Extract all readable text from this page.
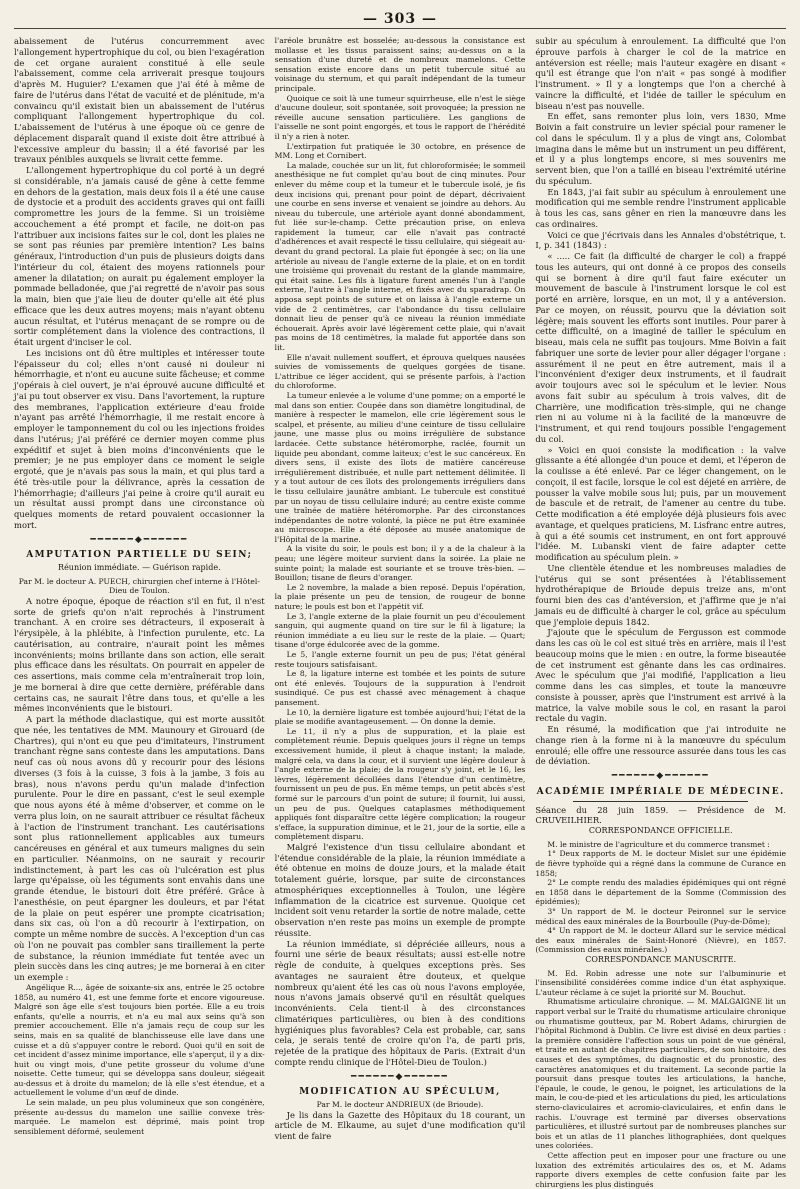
— 303 —

abaissement de l'utérus concurremment avec l'allongement hypertrophique du col, ou bien l'exagération de cet organe auraient constitué à elle seule l'abaissement, comme cela arriverait presque toujours d'après M. Huguier? L'examen que j'ai été à même de faire de l'utérus dans l'état de vacuité et de plénitude, m'a convaincu qu'il existait bien un abaissement de l'utérus compliquant l'allongement hypertrophique du col. L'abaissement de l'utérus à une époque où ce genre de déplacement disparaît quand il existe doit être attribué à l'excessive ampleur du bassin; il a été favorisé par les travaux pénibles auxquels se livrait cette femme.

L'allongement hypertrophique du col porté à un degré si considérable, n'a jamais causé de gêne à cette femme en dehors de la gestation, mais deux fois il a été une cause de dystocie et a produit des accidents graves qui ont failli compromettre les jours de la femme. Si un troisième accouchement a été prompt et facile, ne doit-on pas l'attribuer aux incisions faites sur le col, dont les plaies ne se sont pas réunies par première intention? Les bains généraux, l'introduction d'un puis de plusieurs doigts dans l'intérieur du col, étaient des moyens rationnels pour amener la dilatation; on aurait pu également employer la pommade belladonée, que j'ai regretté de n'avoir pas sous la main, bien que j'aie lieu de douter qu'elle ait été plus efficace que les deux autres moyens; mais n'ayant obtenu aucun résultat, et l'utérus menaçant de se rompre ou de sortir complétement dans la violence des contractions, il était urgent d'inciser le col.

Les incisions ont dû être multiples et intéresser toute l'épaisseur du col; elles n'ont causé ni douleur ni hémorrhagie, et n'ont eu aucune suite fâcheuse; et comme j'opérais à ciel ouvert, je n'ai éprouvé aucune difficulté et j'ai pu tout observer ex visu. Dans l'avortement, la rupture des membranes, l'application extérieure d'eau froide n'ayant pas arrêté l'hémorrhagie, il me restait encore à employer le tamponnement du col ou les injections froides dans l'utérus; j'ai préféré ce dernier moyen comme plus expéditif et sujet à bien moins d'inconvénients que le premier; je ne pus employer dans ce moment le seigle ergoté, que je n'avais pas sous la main, et qui plus tard a été très-utile pour la délivrance, après la cessation de l'hémorrhagie; d'ailleurs j'ai peine à croire qu'il aurait eu un résultat aussi prompt dans une circonstance où quelques moments de retard pouvaient occasionner la mort.

━━━━━━◆━━━━━━
AMPUTATION PARTIELLE DU SEIN;
Réunion immédiate. — Guérison rapide.

Par M. le docteur A. PUECH, chirurgien chef interne à l'Hôtel-Dieu de Toulon.

A notre époque, époque de réaction s'il en fut, il n'est sorte de griefs qu'on n'ait reprochés à l'instrument tranchant. A en croire ses détracteurs, il exposerait à l'érysipèle, à la phlébite, à l'infection purulente, etc. La cautérisation, au contraire, n'aurait point les mêmes inconvénients; moins brillante dans son action, elle serait plus efficace dans les résultats. On pourrait en appeler de ces assertions, mais comme cela m'entraînerait trop loin, je me bornerai à dire que cette dernière, préférable dans certains cas, ne saurait l'être dans tous, et qu'elle a les mêmes inconvénients que le bistouri.

A part la méthode diaclastique, qui est morte aussitôt que née, les tentatives de MM. Maunoury et Girouard (de Chartres), qui n'ont eu que peu d'imitateurs, l'instrument tranchant règne sans conteste dans les amputations. Dans neuf cas où nous avons dû y recourir pour des lésions diverses (3 fois à la cuisse, 3 fois à la jambe, 3 fois au bras), nous n'avons perdu qu'un malade d'infection purulente. Pour le dire en passant, c'est le seul exemple que nous ayons été à même d'observer, et comme on le verra plus loin, on ne saurait attribuer ce résultat fâcheux à l'action de l'instrument tranchant. Les cautérisations sont plus rationnellement applicables aux tumeurs cancéreuses en général et aux tumeurs malignes du sein en particulier. Néanmoins, on ne saurait y recourir indistinctement, à part les cas où l'ulcération est plus large qu'épaisse, où les téguments sont envahis dans une grande étendue, le bistouri doit être préféré. Grâce à l'anesthésie, on peut épargner les douleurs, et par l'état de la plaie on peut espérer une prompte cicatrisation; dans six cas, où l'on a dû recourir à l'extirpation, on compte un même nombre de succès. A l'exception d'un cas où l'on ne pouvait pas combler sans tiraillement la perte de substance, la réunion immédiate fut tentée avec un plein succès dans les cinq autres; je me bornerai à en citer un exemple :

Angélique R..., âgée de soixante-six ans, entrée le 25 octobre 1858, au numéro 41, est une femme forte et encore vigoureuse. Malgré son âge elle s'est toujours bien portée. Elle a eu trois enfants, qu'elle a nourris, et n'a eu mal aux seins qu'à son premier accouchement. Elle n'a jamais reçu de coup sur les seins, mais en sa qualité de blanchisseuse elle lave dans une cuisse et a dû s'appuyer contre le rebord. Quoi qu'il en soit de cet incident d'assez minime importance, elle s'aperçut, il y a dix-huit ou vingt mois, d'une petite grosseur du volume d'une noisette. Cette tumeur, qui se développa sans douleur, siégeait au-dessus et à droite du mamelon; de là elle s'est étendue, et a actuellement le volume d'un œuf de dinde.

Le sein malade, un peu plus volumineux que son congénère, présente au-dessus du mamelon une saillie convexe très-marquée. Le mamelon est déprimé, mais point trop sensiblement déformé, seulement

l'aréole brunâtre est bosselée; au-dessous la consistance est mollasse et les tissus paraissent sains; au-dessus on a la sensation d'une dureté et de nombreux mamelons. Cette sensation existe encore dans un petit tubercule situé au voisinage du sternum, et qui paraît indépendant de la tumeur principale.

Quoique ce soit là une tumeur squirrheuse, elle n'est le siège d'aucune douleur, soit spontanée, soit provoquée; la pression ne réveille aucune sensation particulière. Les ganglions de l'aisselle ne sont point engorgés, et tous le rapport de l'hérédité il n'y a rien à noter.

L'extirpation fut pratiquée le 30 octobre, en présence de MM. Long et Cornibert.

La malade, couchée sur un lit, fut chloroformisée; le sommeil anesthésique ne fut complet qu'au bout de cinq minutes. Pour enlever du même coup et la tumeur et le tubercule isolé, je fis deux incisions qui, prenant pour point de départ, décrivaient une courbe en sens inverse et venaient se joindre au dehors. Au niveau du tubercule, une artériole ayant donné abondamment, fut liée sur-le-champ. Cette précaution prise, on enleva rapidement la tumeur, car elle n'avait pas contracté d'adhérences et avait respecté le tissu cellulaire, qui siégeait au-devant du grand pectoral. La plaie fut épongée à sec; on lia une artériole au niveau de l'angle externe de la plaie, et on en tordit une troisième qui provenait du restant de la glande mammaire, qui était saine. Les fils à ligature furent amenés l'un à l'angle externe, l'autre à l'angle interne, et fixés avec du sparadrap. On apposa sept points de suture et on laissa à l'angle externe un vide de 2 centimètres, car l'abondance du tissu cellulaire donnait lieu de penser qu'à ce niveau la réunion immédiate échouerait. Après avoir lavé légèrement cette plaie, qui n'avait pas moins de 18 centimètres, la malade fut apportée dans son lit.

Elle n'avait nullement souffert, et éprouva quelques nausées suivies de vomissements de quelques gorgées de tisane. L'attribue ce léger accident, qui se présente parfois, à l'action du chloroforme.

La tumeur enlevée a le volume d'une pomme; on a emporté le mal dans son entier. Coupée dans son diamètre longitudinal, de manière à respecter le mamelon, elle crie légèrement sous le scalpel, et présente, au milieu d'une ceinture de tissu cellulaire jaune, une masse plus ou moins irrégulière de substance lardacée. Cette substance hétéromorphe, raclée, fournit un liquide peu abondant, comme laiteux; c'est le suc cancéreux. En divers sens, il existe des îlots de matière cancéreuse irrégulièrement distribuée, et nulle part nettement délimitée. Il y a tout autour de ces îlots des prolongements irréguliers dans le tissu cellulaire jaunâtre ambiant. Le tubercule est constitué par un noyau de tissu cellulaire induré; au centre existe comme une traînée de matière hétéromorphe. Par des circonstances indépendantes de notre volonté, la pièce ne put être examinée au microscope. Elle a été déposée au musée anatomique de l'Hôpital de la marine.

A la visite du soir, le pouls est bon; il y a de la chaleur à la peau; une légère moiteur survient dans la soirée. La plaie ne suinte point; la malade est souriante et se trouve très-bien. — Bouillon; tisane de fleurs d'oranger.

Le 2 novembre, la malade a bien reposé. Depuis l'opération, la plaie présente un peu de tension, de rougeur de bonne nature; le pouls est bon et l'appétit vif.

Le 3, l'angle externe de la plaie fournit un peu d'écoulement sanguin, qui augmente quand on tire sur le fil à ligature; la réunion immédiate a eu lieu sur le reste de la plaie. — Quart; tisane d'orge édulcorée avec de la gomme.

Le 5, l'angle externe fournit un peu de pus; l'état général reste toujours satisfaisant.

Le 8, la ligature interne est tombée et les points de suture ont été enlevés. Toujours de la suppuration à l'endroit susindiqué. Ce pus est chassé avec ménagement à chaque pansement.

Le 10, la dernière ligature est tombée aujourd'hui; l'état de la plaie se modifie avantageusement. — On donne la demie.

Le 11, il n'y a plus de suppuration, et la plaie est complètement réunie. Depuis quelques jours il règne un temps excessivement humide, il pleut à chaque instant; la malade, malgré cela, va dans la cour, et il survient une légère douleur à l'angle externe de la plaie; de la rougeur s'y joint, et le 16, les lèvres, légèrement décollées dans l'étendue d'un centimètre, fournissent un peu de pus. En même temps, un petit abcès s'est formé sur le parcours d'un point de suture; il fournit, lui aussi, un peu de pus. Quelques cataplasmes méthodiquement appliqués font disparaître cette légère complication; la rougeur s'efface, la suppuration diminue, et le 21, jour de la sortie, elle a complètement disparu.

Malgré l'existence d'un tissu cellulaire abondant et l'étendue considérable de la plaie, la réunion immédiate a été obtenue en moins de douze jours, et la malade était totalement guérie, lorsque, par suite de circonstances atmosphériques exceptionnelles à Toulon, une légère inflammation de la cicatrice est survenue. Quoique cet incident soit venu retarder la sortie de notre malade, cette observation n'en reste pas moins un exemple de prompte réussite.

La réunion immédiate, si dépréciée ailleurs, nous a fourni une série de beaux résultats; aussi est-elle notre règle de conduite, à quelques exceptions près. Ses avantages ne sauraient être douteux, et quelque nombreux qu'aient été les cas où nous l'avons employée, nous n'avons jamais observé qu'il en résultât quelques inconvénients. Cela tient-il à des circonstances climatériques particulières, ou bien à des conditions hygiéniques plus favorables? Cela est probable, car, sans cela, je serais tenté de croire qu'on l'a, de parti pris, rejetée de la pratique des hôpitaux de Paris. (Extrait d'un compte rendu clinique de l'Hôtel-Dieu de Toulon.)

━━━━━━◆━━━━━━
MODIFICATION AU SPÉCULUM,

Par M. le docteur ANDRIEUX (de Brioude).

Je lis dans la Gazette des Hôpitaux du 18 courant, un article de M. Elkaume, au sujet d'une modification qu'il vient de faire

subir au spéculum à enroulement. La difficulté que l'on éprouve parfois à charger le col de la matrice en antéversion est réelle; mais l'auteur exagère en disant « qu'il est étrange que l'on n'ait « pas songé à modifier l'instrument. » Il y a longtemps que l'on a cherché à vaincre la difficulté, et l'idée de tailler le spéculum en biseau n'est pas nouvelle.

En effet, sans remonter plus loin, vers 1830, Mme Boivin a fait construire un levier spécial pour ramener le col dans le spéculum. Il y a plus de vingt ans, Colombat imagina dans le même but un instrument un peu différent, et il y a plus longtemps encore, si mes souvenirs me servent bien, que l'on a taillé en biseau l'extrémité utérine du spéculum.

En 1843, j'ai fait subir au spéculum à enroulement une modification qui me semble rendre l'instrument applicable à tous les cas, sans gêner en rien la manœuvre dans les cas ordinaires.

Voici ce que j'écrivais dans les Annales d'obstétrique, t. I, p. 341 (1843) :

« ..... Ce fait (la difficulté de charger le col) a frappé tous les auteurs, qui ont donné à ce propos des conseils qui se bornent à dire qu'il faut faire exécuter un mouvement de bascule à l'instrument lorsque le col est porté en arrière, lorsque, en un mot, il y a antéversion. Par ce moyen, on réussit, pourvu que la déviation soit légère; mais souvent les efforts sont inutiles. Pour parer à cette difficulté, on a imaginé de tailler le spéculum en biseau, mais cela ne suffit pas toujours. Mme Boivin a fait fabriquer une sorte de levier pour aller dégager l'organe : assurément il ne peut en être autrement, mais il a l'inconvénient d'exiger deux instruments, et il faudrait avoir toujours avec soi le spéculum et le levier. Nous avons fait subir au spéculum à trois valves, dit de Charrière, une modification très-simple, qui ne change rien ni au volume ni à la facilité de la manœuvre de l'instrument, et qui rend toujours possible l'engagement du col.

» Voici en quoi consiste la modification : la valve glissante a été allongée d'un pouce et demi, et l'éperon de la coulisse a été enlevé. Par ce léger changement, on le conçoit, il est facile, lorsque le col est déjeté en arrière, de pousser la valve mobile sous lui; puis, par un mouvement de bascule et de retrait, de l'amener au centre du tube. Cette modification a été employée déjà plusieurs fois avec avantage, et quelques praticiens, M. Lisfranc entre autres, à qui a été soumis cet instrument, en ont fort approuvé l'idée. M. Lubanski vient de faire adapter cette modification au spéculum plein. »

Une clientèle étendue et les nombreuses maladies de l'utérus qui se sont présentées à l'établissement hydrothérapique de Brioude depuis treize ans, m'ont fourni bien des cas d'antéversion, et j'affirme que je n'ai jamais eu de difficulté à charger le col, grâce au spéculum que j'emploie depuis 1842.

J'ajoute que le spéculum de Fergusson est commode dans les cas où le col est situé très en arrière, mais il l'est beaucoup moins que le mien : en outre, la forme biseautée de cet instrument est gênante dans les cas ordinaires. Avec le spéculum que j'ai modifié, l'application a lieu comme dans les cas simples, et toute la manœuvre consiste à pousser, après que l'instrument est arrivé à la matrice, la valve mobile sous le col, en rasant la paroi rectale du vagin.

En résumé, la modification que j'ai introduite ne change rien à la forme ni à la manœuvre du spéculum enroulé; elle offre une ressource assurée dans tous les cas de déviation.

━━━━━━◆━━━━━━
ACADÉMIE IMPÉRIALE DE MÉDECINE.

Séance du 28 juin 1859. — Présidence de M. CRUVEILHIER.

CORRESPONDANCE OFFICIELLE.

M. le ministre de l'agriculture et du commerce transmet :

1° Deux rapports de M. le docteur Mislet sur une épidémie de fièvre typhoïde qui a régné dans la commune de Curance en 1858;

2° Le compte rendu des maladies épidémiques qui ont régné en 1858 dans le département de la Somme (Commission des épidémies);

3° Un rapport de M. le docteur Peironnel sur le service médical des eaux minérales de la Bourboulle (Puy-de-Dôme);

4° Un rapport de M. le docteur Allard sur le service médical des eaux minérales de Saint-Honoré (Nièvre), en 1857. (Commission des eaux minérales.)

CORRESPONDANCE MANUSCRITE.

M. Ed. Robin adresse une note sur l'albuminurie et l'insensibilité considérées comme indice d'un état asphyxique. L'auteur réclame à ce sujet la priorité sur M. Bouchut.

Rhumatisme articulaire chronique. — M. MALGAIGNE lit un rapport verbal sur le Traité du rhumatisme articulaire chronique ou rhumatisme goutteux, par M. Robert Adams, chirurgien de l'hôpital Richmond à Dublin. Ce livre est divisé en deux parties : la première considère l'affection sous un point de vue général, et traite en autant de chapitres particuliers, de son histoire, des causes et des symptômes, du diagnostic et du pronostic, des caractères anatomiques et du traitement. La seconde partie la poursuit dans presque toutes les articulations, la hanche, l'épaule, le coude, le genou, le poignet, les articulations de la main, le cou-de-pied et les articulations du pied, les articulations sterno-claviculaires et acromio-claviculaires, et enfin dans le rachis. L'ouvrage est terminé par diverses observations particulières, et illustré surtout par de nombreuses planches sur bois et un atlas de 11 planches lithographiées, dont quelques unes coloriées.

Cette affection peut en imposer pour une fracture ou une luxation des extrémités articulaires des os, et M. Adams rapporte divers exemples de cette confusion faite par les chirurgiens les plus distingués
